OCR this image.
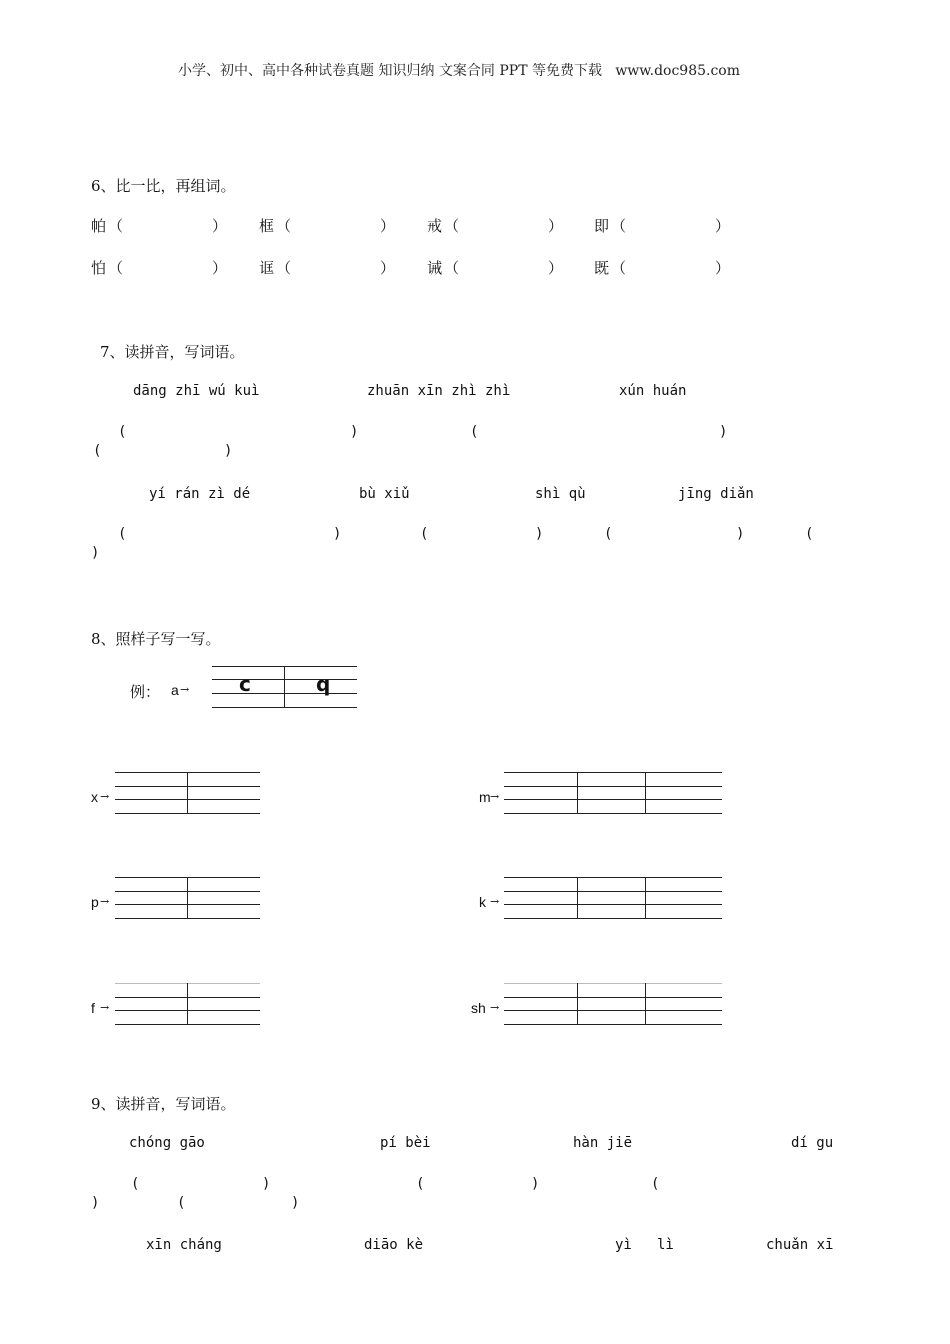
小学、初中、高中各种试卷真题 知识归纳 文案合同 PPT 等免费下载   www.doc985.com
6、比一比，再组词。
帕 （	） 框 （	） 戒 （	） 即 （	）
怕 （	） 诓 （	） 诫 （	） 既 （	）
7、读拼音，写词语。
dāng zhī wú kuì	zhuān xīn zhì zhì	xún huán
(	)	(	)
(	)
yí rán zì dé	bù xiǔ	shì qù	jīng diǎn
(	)	(	)	(	)	(
)
8、照样子写一写。
例： a → c	q
x →	m →
p →	k →
f →	sh →
9、读拼音，写词语。
chóng gāo	pí bèi	hàn jiē	dí gu
(	)	(	)	(
)	(	)
xīn cháng	diāo kè	yì lì	chuǎn xī
